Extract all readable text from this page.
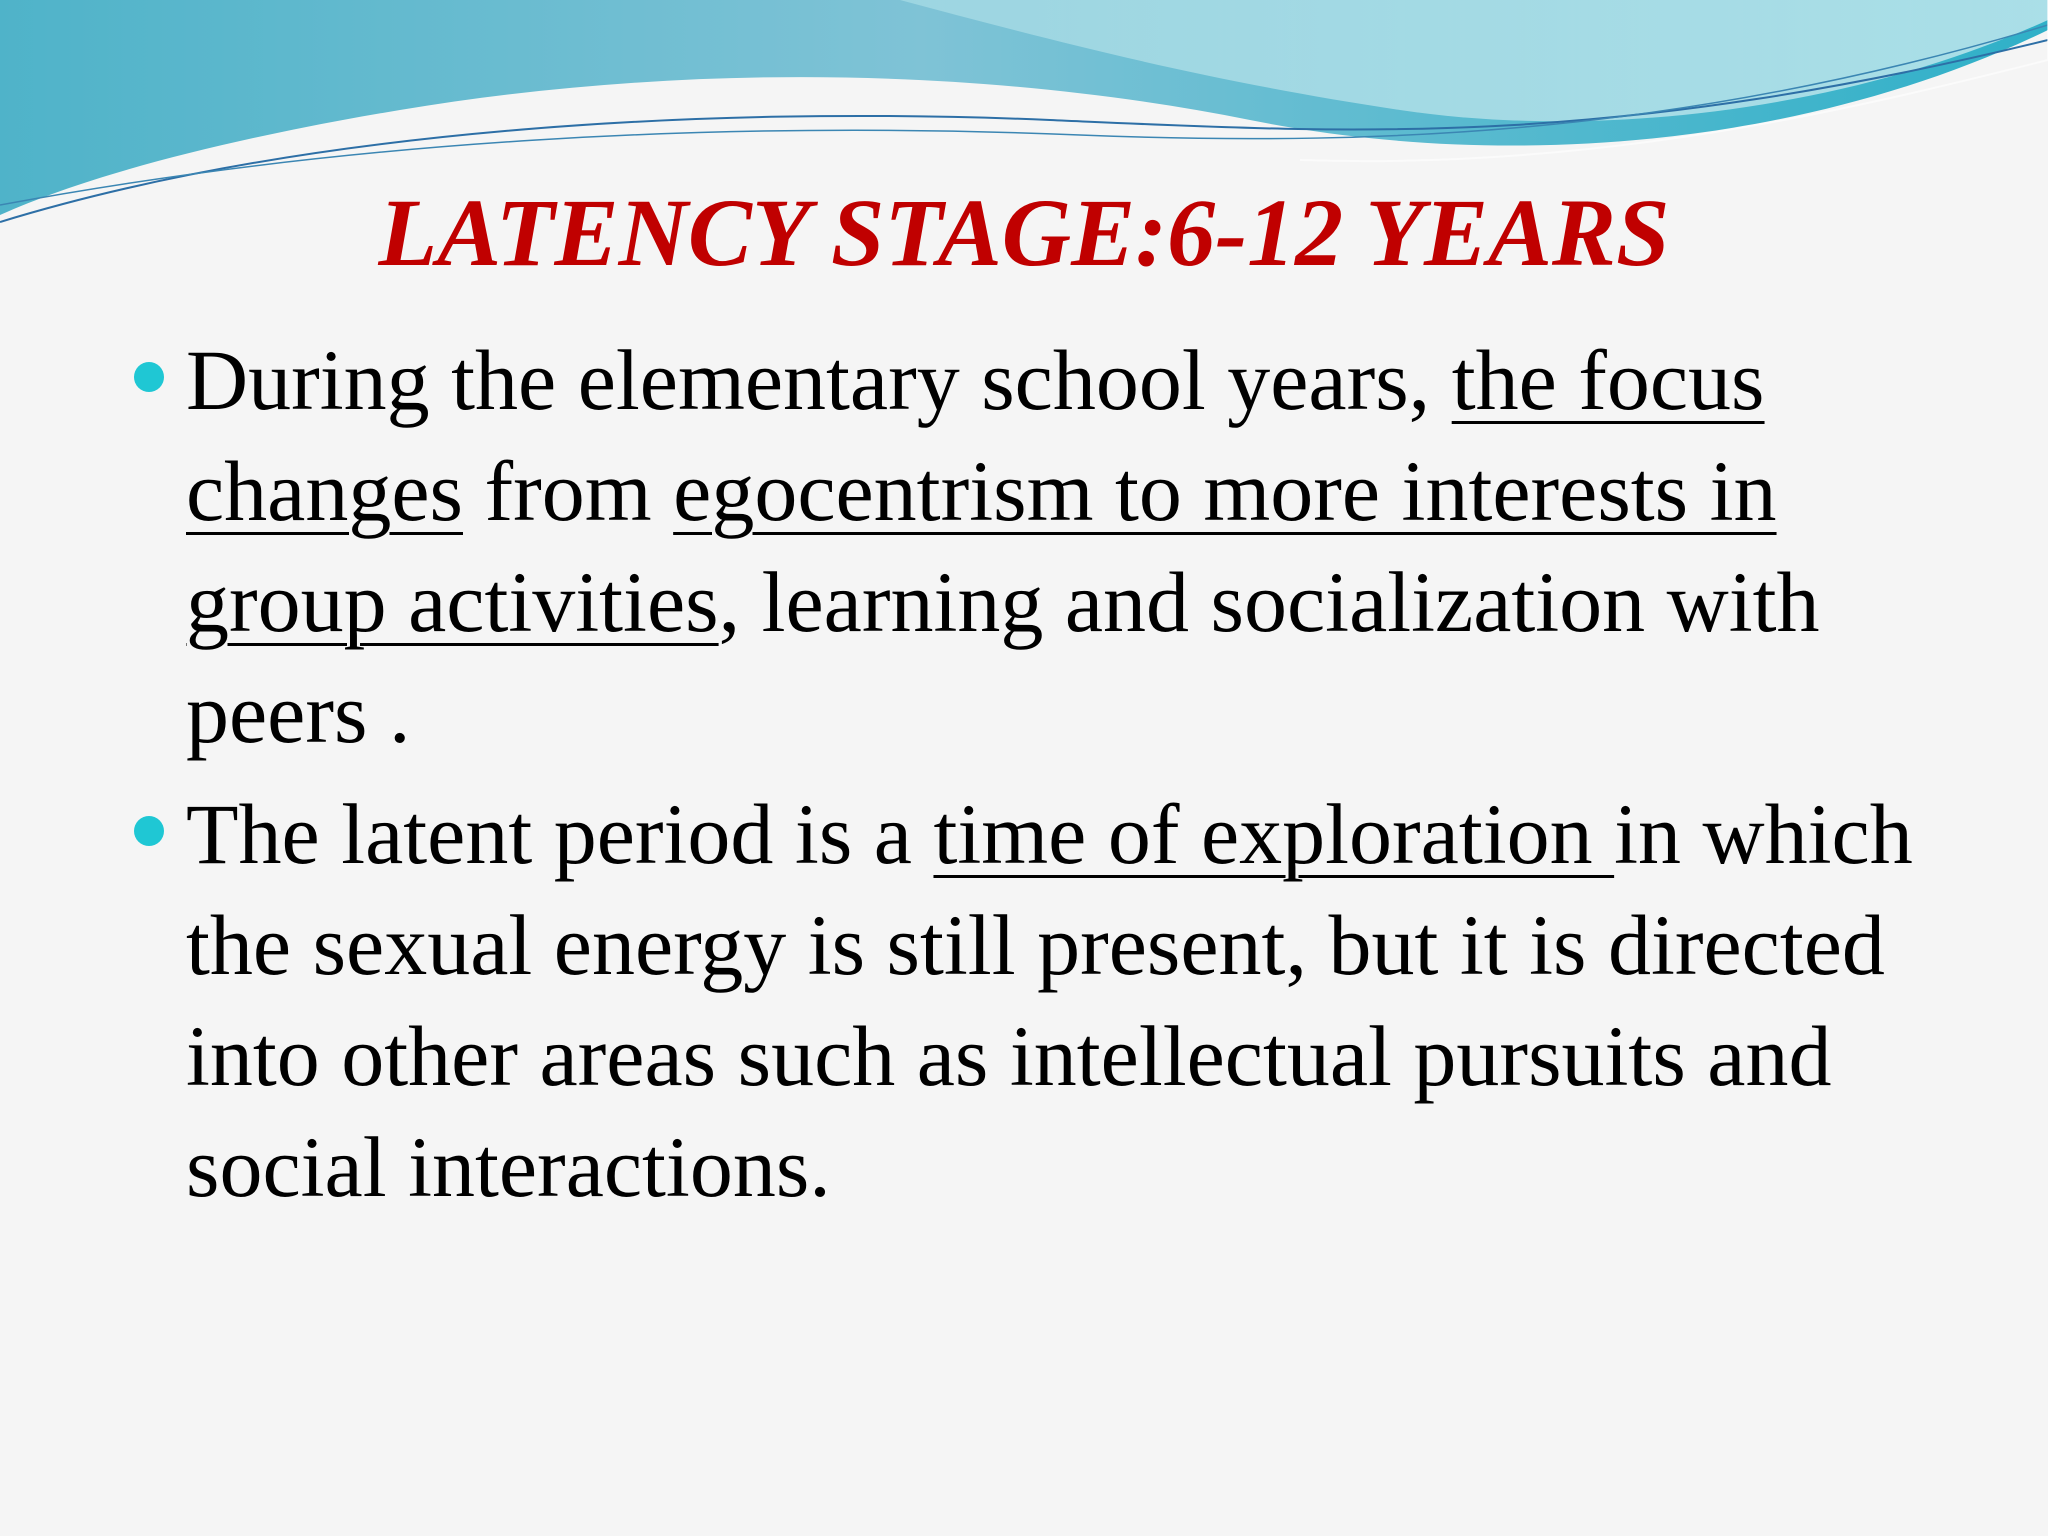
LATENCY STAGE:6-12 YEARS
During the elementary school years, the focus changes from egocentrism to more interests in group activities, learning and socialization with peers .
The latent period is a time of exploration in which the sexual energy is still present, but it is directed into other areas such as intellectual pursuits and social interactions.
